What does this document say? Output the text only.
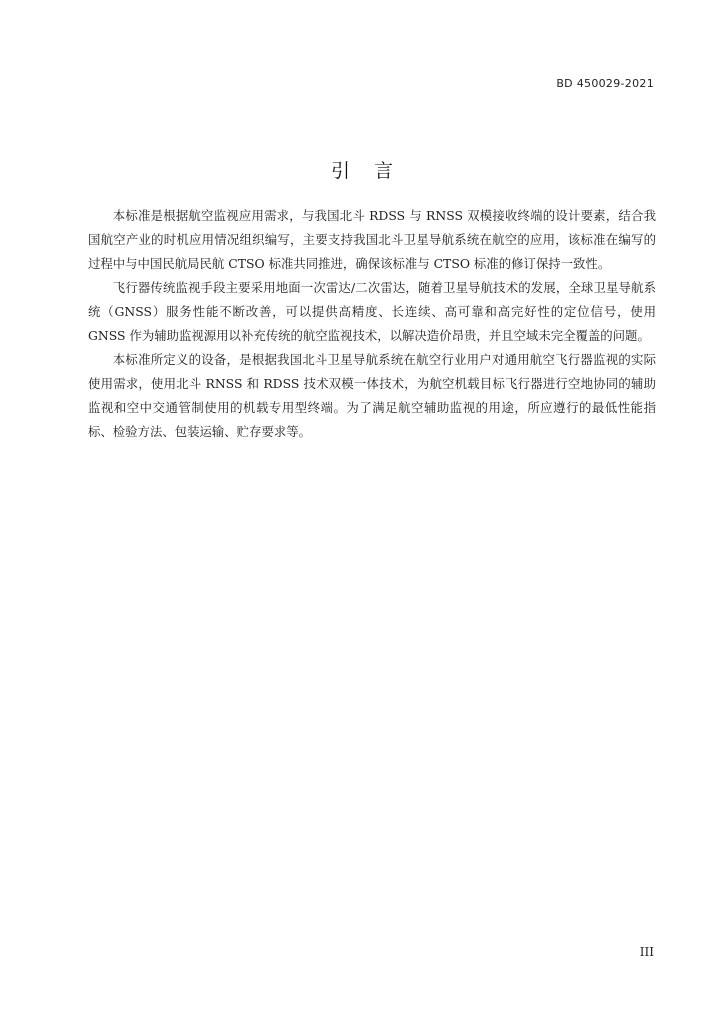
BD 450029-2021
引言

本标准是根据航空监视应用需求，与我国北斗 RDSS 与 RNSS 双模接收终端的设计要素，结合我国航空产业的时机应用情况组织编写，主要支持我国北斗卫星导航系统在航空的应用，该标准在编写的过程中与中国民航局民航 CTSO 标准共同推进，确保该标准与 CTSO 标准的修订保持一致性。

飞行器传统监视手段主要采用地面一次雷达/二次雷达，随着卫星导航技术的发展，全球卫星导航系统（GNSS）服务性能不断改善，可以提供高精度、长连续、高可靠和高完好性的定位信号，使用 GNSS 作为辅助监视源用以补充传统的航空监视技术，以解决造价昂贵，并且空域未完全覆盖的问题。

本标准所定义的设备，是根据我国北斗卫星导航系统在航空行业用户对通用航空飞行器监视的实际使用需求，使用北斗 RNSS 和 RDSS 技术双模一体技术，为航空机载目标飞行器进行空地协同的辅助监视和空中交通管制使用的机载专用型终端。为了满足航空辅助监视的用途，所应遵行的最低性能指标、检验方法、包装运输、贮存要求等。

III
